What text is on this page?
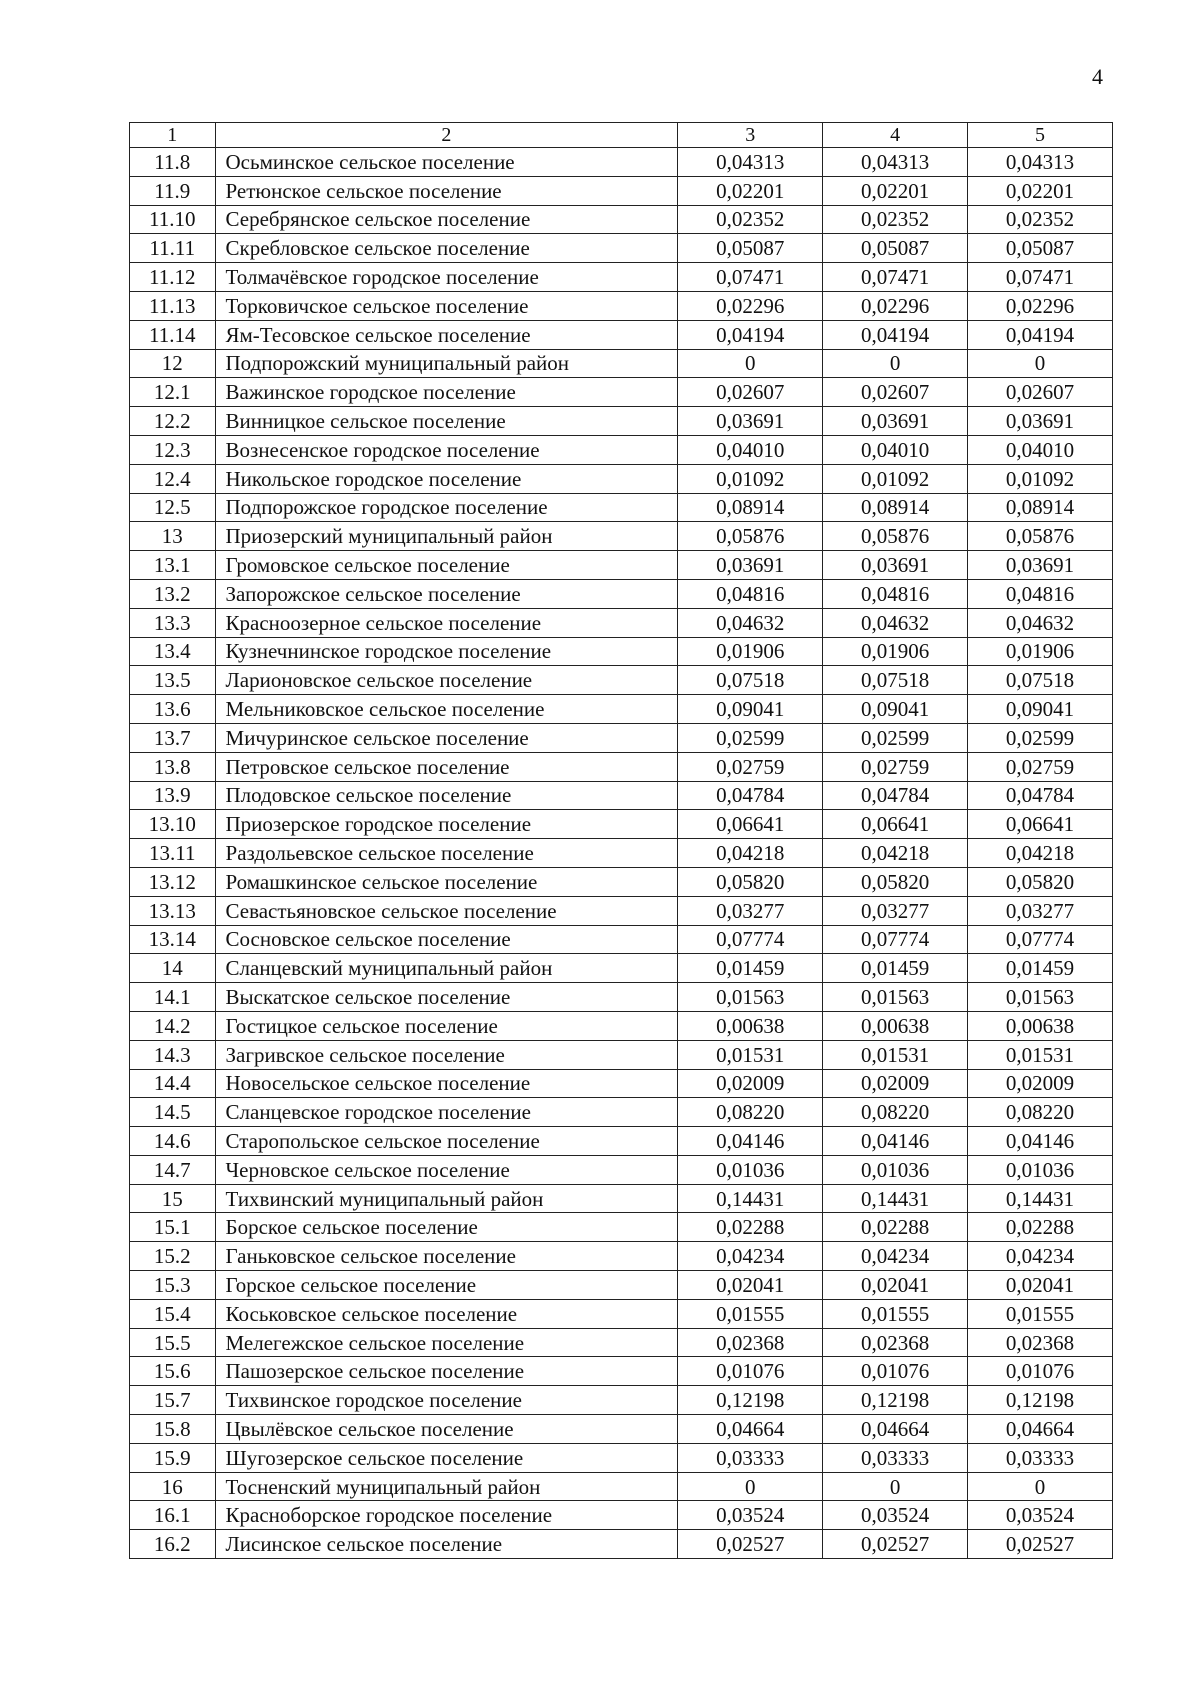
4
1	2	3	4	5
11.8	Осьминское сельское поселение	0,04313	0,04313	0,04313
11.9	Ретюнское сельское поселение	0,02201	0,02201	0,02201
11.10	Серебрянское сельское поселение	0,02352	0,02352	0,02352
11.11	Скребловское сельское поселение	0,05087	0,05087	0,05087
11.12	Толмачёвское городское поселение	0,07471	0,07471	0,07471
11.13	Торковичское сельское поселение	0,02296	0,02296	0,02296
11.14	Ям-Тесовское сельское поселение	0,04194	0,04194	0,04194
12	Подпорожский муниципальный район	0	0	0
12.1	Важинское городское поселение	0,02607	0,02607	0,02607
12.2	Винницкое сельское поселение	0,03691	0,03691	0,03691
12.3	Вознесенское городское поселение	0,04010	0,04010	0,04010
12.4	Никольское городское поселение	0,01092	0,01092	0,01092
12.5	Подпорожское городское поселение	0,08914	0,08914	0,08914
13	Приозерский муниципальный район	0,05876	0,05876	0,05876
13.1	Громовское сельское поселение	0,03691	0,03691	0,03691
13.2	Запорожское сельское поселение	0,04816	0,04816	0,04816
13.3	Красноозерное сельское поселение	0,04632	0,04632	0,04632
13.4	Кузнечнинское городское поселение	0,01906	0,01906	0,01906
13.5	Ларионовское сельское поселение	0,07518	0,07518	0,07518
13.6	Мельниковское сельское поселение	0,09041	0,09041	0,09041
13.7	Мичуринское сельское поселение	0,02599	0,02599	0,02599
13.8	Петровское сельское поселение	0,02759	0,02759	0,02759
13.9	Плодовское сельское поселение	0,04784	0,04784	0,04784
13.10	Приозерское городское поселение	0,06641	0,06641	0,06641
13.11	Раздольевское сельское поселение	0,04218	0,04218	0,04218
13.12	Ромашкинское сельское поселение	0,05820	0,05820	0,05820
13.13	Севастьяновское сельское поселение	0,03277	0,03277	0,03277
13.14	Сосновское сельское поселение	0,07774	0,07774	0,07774
14	Сланцевский муниципальный район	0,01459	0,01459	0,01459
14.1	Выскатское сельское поселение	0,01563	0,01563	0,01563
14.2	Гостицкое сельское поселение	0,00638	0,00638	0,00638
14.3	Загривское сельское поселение	0,01531	0,01531	0,01531
14.4	Новосельское сельское поселение	0,02009	0,02009	0,02009
14.5	Сланцевское городское поселение	0,08220	0,08220	0,08220
14.6	Старопольское сельское поселение	0,04146	0,04146	0,04146
14.7	Черновское сельское поселение	0,01036	0,01036	0,01036
15	Тихвинский муниципальный район	0,14431	0,14431	0,14431
15.1	Борское сельское поселение	0,02288	0,02288	0,02288
15.2	Ганьковское сельское поселение	0,04234	0,04234	0,04234
15.3	Горское сельское поселение	0,02041	0,02041	0,02041
15.4	Коськовское сельское поселение	0,01555	0,01555	0,01555
15.5	Мелегежское сельское поселение	0,02368	0,02368	0,02368
15.6	Пашозерское сельское поселение	0,01076	0,01076	0,01076
15.7	Тихвинское городское поселение	0,12198	0,12198	0,12198
15.8	Цвылёвское сельское поселение	0,04664	0,04664	0,04664
15.9	Шугозерское сельское поселение	0,03333	0,03333	0,03333
16	Тосненский муниципальный район	0	0	0
16.1	Красноборское городское поселение	0,03524	0,03524	0,03524
16.2	Лисинское сельское поселение	0,02527	0,02527	0,02527
